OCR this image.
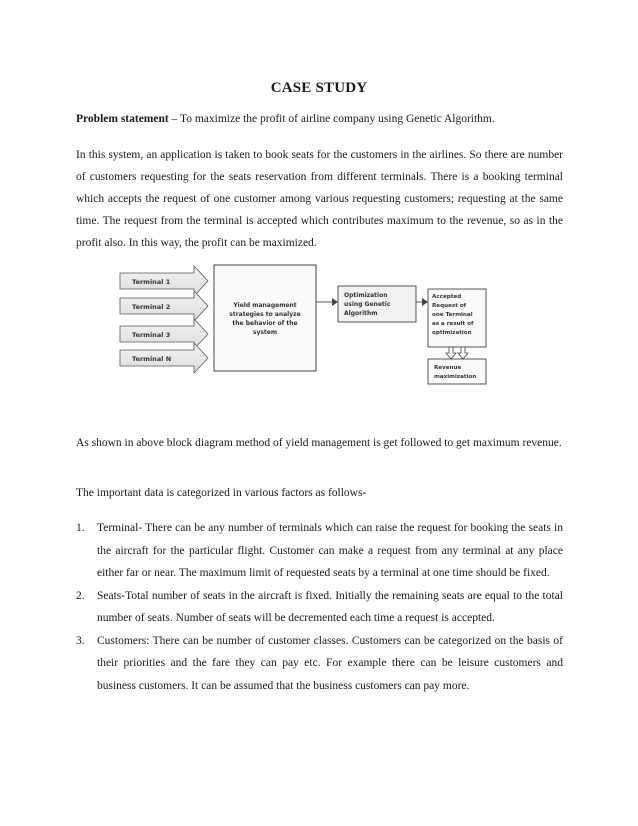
CASE STUDY

Problem statement – To maximize the profit of airline company using Genetic Algorithm.

In this system, an application is taken to book seats for the customers in the airlines. So there are number of customers requesting for the seats reservation from different terminals. There is a booking terminal which accepts the request of one customer among various requesting customers; requesting at the same time. The request from the terminal is accepted which contributes maximum to the revenue, so as in the profit also. In this way, the profit can be maximized.

Terminal 1
Terminal 2
Terminal 3
Terminal N
Yield management
strategies to analyze
the behavior of the
system
Optimization
using Genetic
Algorithm
Accepted
Request of
one Terminal
as a result of
optimization
Revenue
maximization

As shown in above block diagram method of yield management is get followed to get maximum revenue.

The important data is categorized in various factors as follows-

1. Terminal- There can be any number of terminals which can raise the request for booking the seats in the aircraft for the particular flight. Customer can make a request from any terminal at any place either far or near. The maximum limit of requested seats by a terminal at one time should be fixed.
2. Seats-Total number of seats in the aircraft is fixed. Initially the remaining seats are equal to the total number of seats. Number of seats will be decremented each time a request is accepted.
3. Customers: There can be number of customer classes. Customers can be categorized on the basis of their priorities and the fare they can pay etc. For example there can be leisure customers and business customers. It can be assumed that the business customers can pay more.
